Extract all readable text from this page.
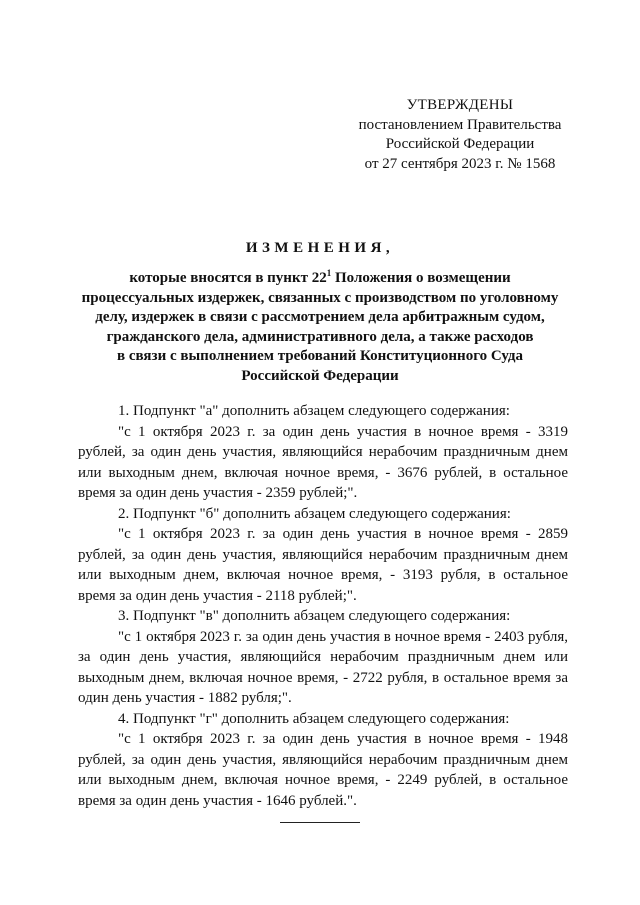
УТВЕРЖДЕНЫ
постановлением Правительства
Российской Федерации
от 27 сентября 2023 г. № 1568
ИЗМЕНЕНИЯ,
которые вносятся в пункт $22^1$ Положения о возмещении
процессуальных издержек, связанных с производством по уголовному
делу, издержек в связи с рассмотрением дела арбитражным судом,
гражданского дела, административного дела, а также расходов
в связи с выполнением требований Конституционного Суда
Российской Федерации

1. Подпункт "а" дополнить абзацем следующего содержания:

"с 1 октября 2023 г. за один день участия в ночное время - 3319 рублей, за один день участия, являющийся нерабочим праздничным днем или выходным днем, включая ночное время, - 3676 рублей, в остальное время за один день участия - 2359 рублей;".

2. Подпункт "б" дополнить абзацем следующего содержания:

"с 1 октября 2023 г. за один день участия в ночное время - 2859 рублей, за один день участия, являющийся нерабочим праздничным днем или выходным днем, включая ночное время, - 3193 рубля, в остальное время за один день участия - 2118 рублей;".

3. Подпункт "в" дополнить абзацем следующего содержания:

"с 1 октября 2023 г. за один день участия в ночное время - 2403 рубля, за один день участия, являющийся нерабочим праздничным днем или выходным днем, включая ночное время, - 2722 рубля, в остальное время за один день участия - 1882 рубля;".

4. Подпункт "г" дополнить абзацем следующего содержания:

"с 1 октября 2023 г. за один день участия в ночное время - 1948 рублей, за один день участия, являющийся нерабочим праздничным днем или выходным днем, включая ночное время, - 2249 рублей, в остальное время за один день участия - 1646 рублей.".
